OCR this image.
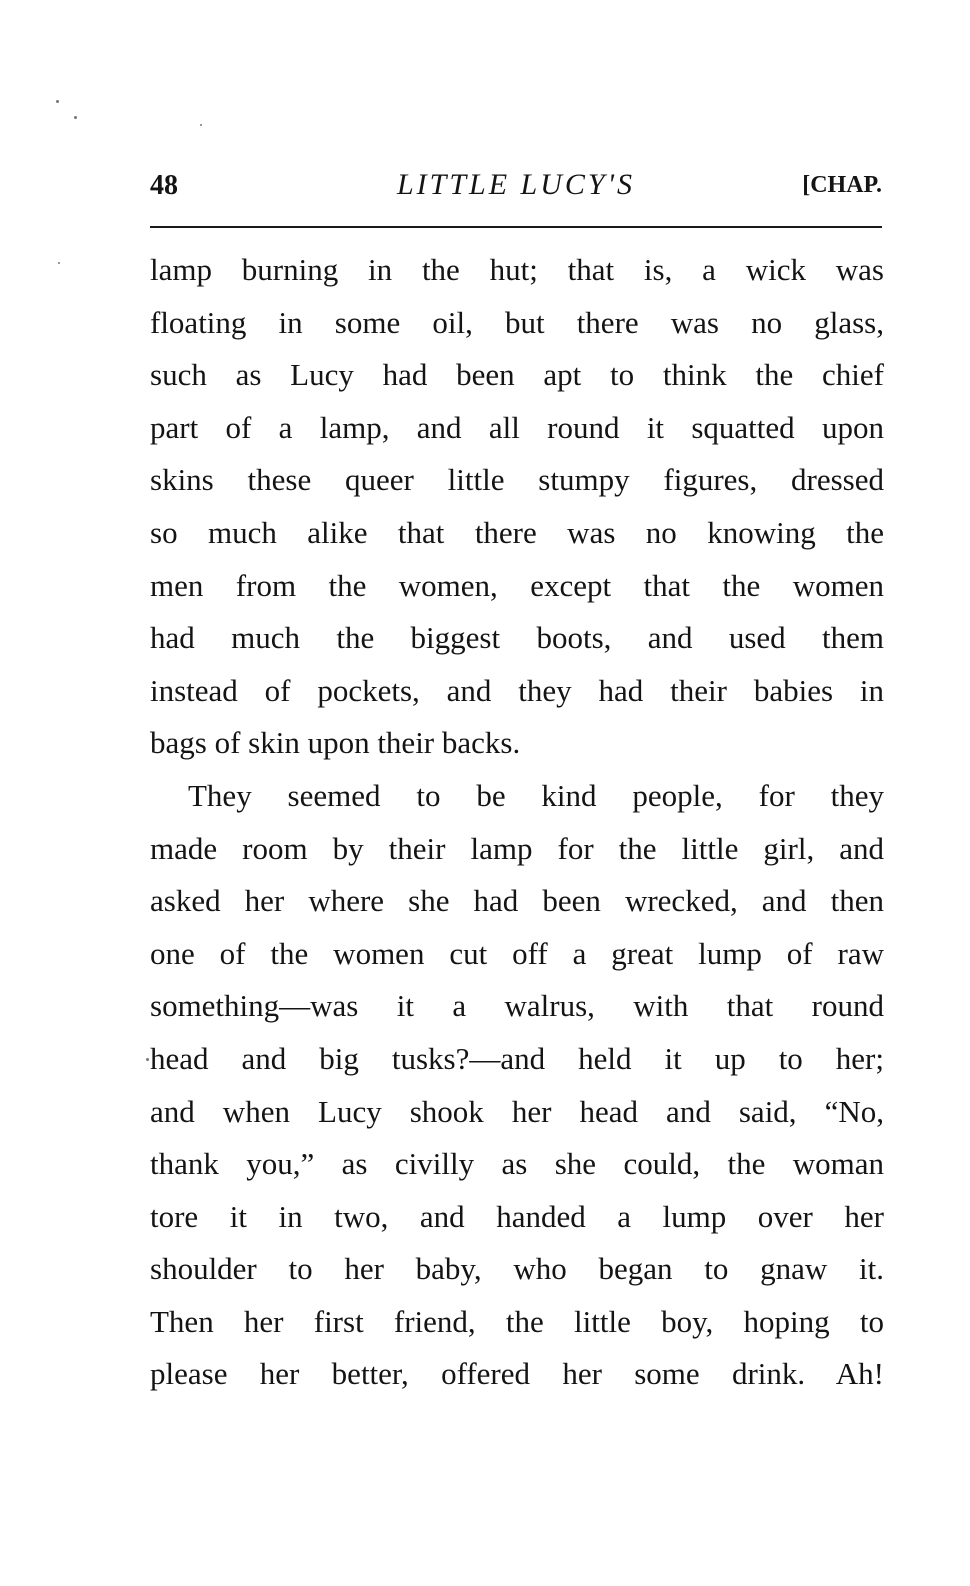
48	LITTLE LUCY'S	[CHAP.
lamp burning in the hut; that is, a wick was
floating in some oil, but there was no glass,
such as Lucy had been apt to think the chief
part of a lamp, and all round it squatted upon
skins these queer little stumpy figures, dressed
so much alike that there was no knowing the
men from the women, except that the women
had much the biggest boots, and used them
instead of pockets, and they had their babies in
bags of skin upon their backs.
They seemed to be kind people, for they
made room by their lamp for the little girl, and
asked her where she had been wrecked, and then
one of the women cut off a great lump of raw
something—was it a walrus, with that round
head and big tusks?—and held it up to her;
and when Lucy shook her head and said, “No,
thank you,” as civilly as she could, the woman
tore it in two, and handed a lump over her
shoulder to her baby, who began to gnaw it.
Then her first friend, the little boy, hoping to
please her better, offered her some drink. Ah!
